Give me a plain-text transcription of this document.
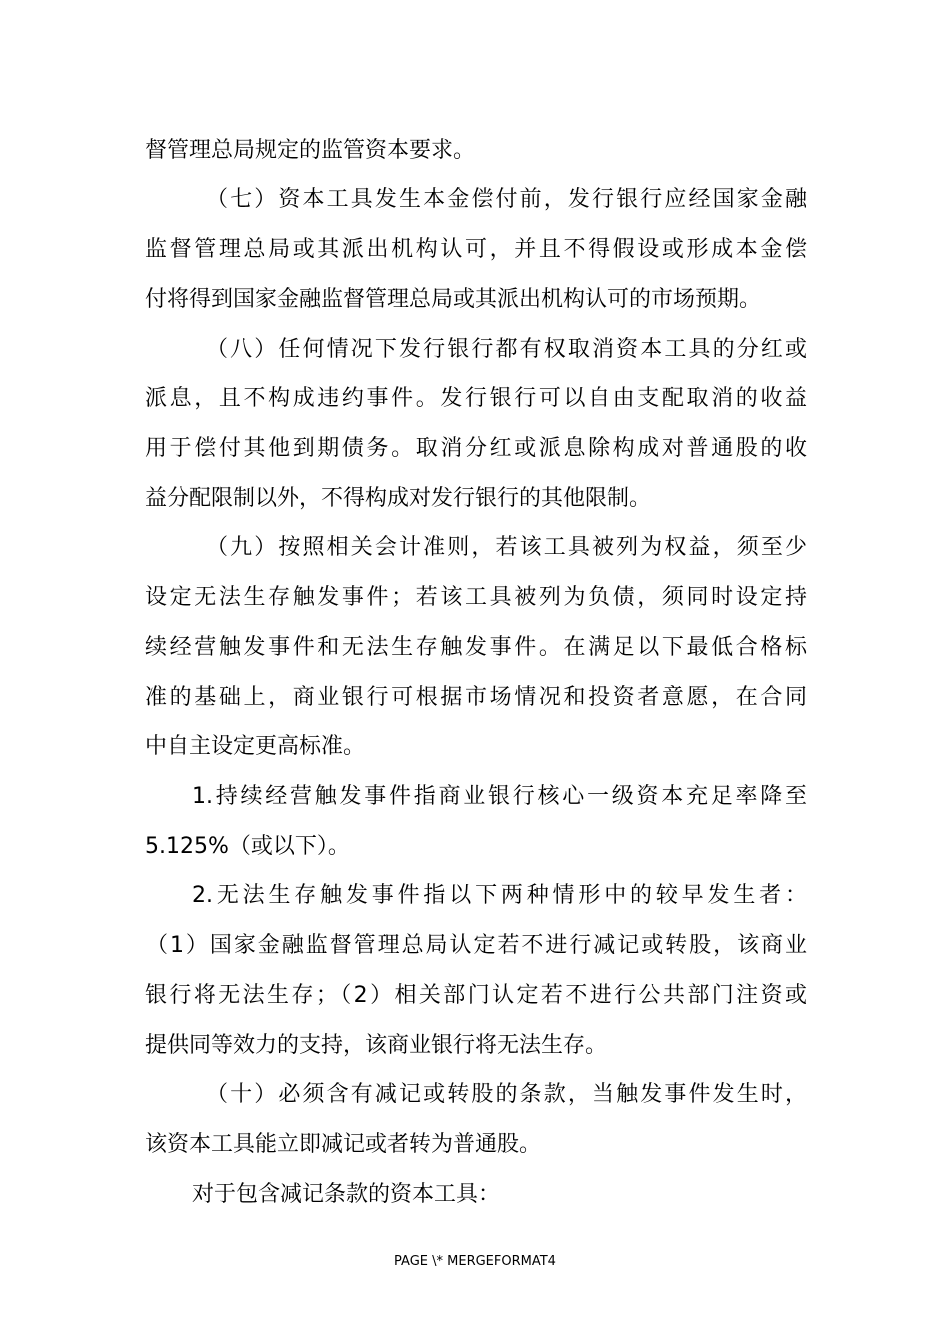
督管理总局规定的监管资本要求。
（七）资本工具发生本金偿付前，发行银行应经国家金融
监督管理总局或其派出机构认可，并且不得假设或形成本金偿
付将得到国家金融监督管理总局或其派出机构认可的市场预期。
（八）任何情况下发行银行都有权取消资本工具的分红或
派息，且不构成违约事件。发行银行可以自由支配取消的收益
用于偿付其他到期债务。取消分红或派息除构成对普通股的收
益分配限制以外，不得构成对发行银行的其他限制。
（九）按照相关会计准则，若该工具被列为权益，须至少
设定无法生存触发事件；若该工具被列为负债，须同时设定持
续经营触发事件和无法生存触发事件。在满足以下最低合格标
准的基础上，商业银行可根据市场情况和投资者意愿，在合同
中自主设定更高标准。
1.持续经营触发事件指商业银行核心一级资本充足率降至
5.125%（或以下）。
2.无法生存触发事件指以下两种情形中的较早发生者：
（1）国家金融监督管理总局认定若不进行减记或转股，该商业
银行将无法生存；（2）相关部门认定若不进行公共部门注资或
提供同等效力的支持，该商业银行将无法生存。
（十）必须含有减记或转股的条款，当触发事件发生时，
该资本工具能立即减记或者转为普通股。
对于包含减记条款的资本工具：
PAGE \* MERGEFORMAT4
